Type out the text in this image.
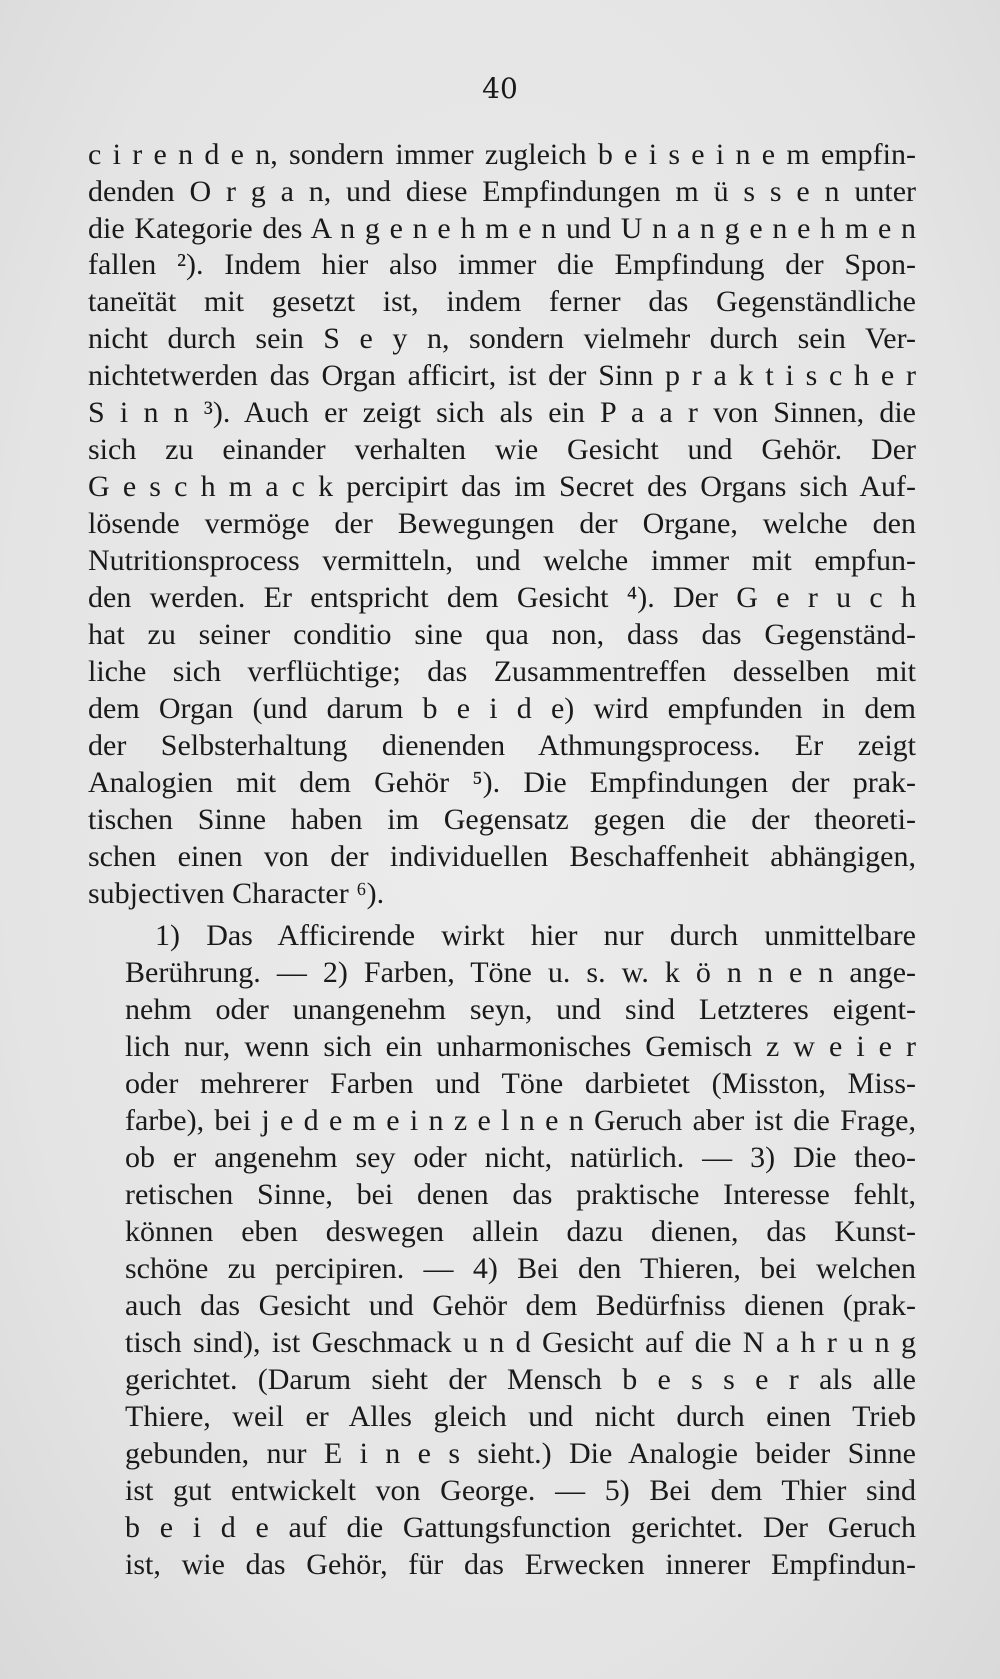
40
c i r e n d e n, sondern immer zugleich b e i s e i n e m empfin-
denden O r g a n, und diese Empfindungen m ü s s e n unter
die Kategorie des A n g e n e h m e n und U n a n g e n e h m e n
fallen ²). Indem hier also immer die Empfindung der Spon-
taneïtät mit gesetzt ist, indem ferner das Gegenständliche
nicht durch sein S e y n, sondern vielmehr durch sein Ver-
nichtetwerden das Organ afficirt, ist der Sinn p r a k t i s c h e r
S i n n ³). Auch er zeigt sich als ein P a a r von Sinnen, die
sich zu einander verhalten wie Gesicht und Gehör. Der
G e s c h m a c k percipirt das im Secret des Organs sich Auf-
lösende vermöge der Bewegungen der Organe, welche den
Nutritionsprocess vermitteln, und welche immer mit empfun-
den werden. Er entspricht dem Gesicht ⁴). Der G e r u c h
hat zu seiner conditio sine qua non, dass das Gegenständ-
liche sich verflüchtige; das Zusammentreffen desselben mit
dem Organ (und darum b e i d e) wird empfunden in dem
der Selbsterhaltung dienenden Athmungsprocess. Er zeigt
Analogien mit dem Gehör ⁵). Die Empfindungen der prak-
tischen Sinne haben im Gegensatz gegen die der theoreti-
schen einen von der individuellen Beschaffenheit abhängigen,
subjectiven Character ⁶).
1) Das Afficirende wirkt hier nur durch unmittelbare
Berührung. — 2) Farben, Töne u. s. w. k ö n n e n ange-
nehm oder unangenehm seyn, und sind Letzteres eigent-
lich nur, wenn sich ein unharmonisches Gemisch z w e i e r
oder mehrerer Farben und Töne darbietet (Misston, Miss-
farbe), bei j e d e m e i n z e l n e n Geruch aber ist die Frage,
ob er angenehm sey oder nicht, natürlich. — 3) Die theo-
retischen Sinne, bei denen das praktische Interesse fehlt,
können eben deswegen allein dazu dienen, das Kunst-
schöne zu percipiren. — 4) Bei den Thieren, bei welchen
auch das Gesicht und Gehör dem Bedürfniss dienen (prak-
tisch sind), ist Geschmack u n d Gesicht auf die N a h r u n g
gerichtet. (Darum sieht der Mensch b e s s e r als alle
Thiere, weil er Alles gleich und nicht durch einen Trieb
gebunden, nur E i n e s sieht.) Die Analogie beider Sinne
ist gut entwickelt von George. — 5) Bei dem Thier sind
b e i d e auf die Gattungsfunction gerichtet. Der Geruch
ist, wie das Gehör, für das Erwecken innerer Empfindun-
